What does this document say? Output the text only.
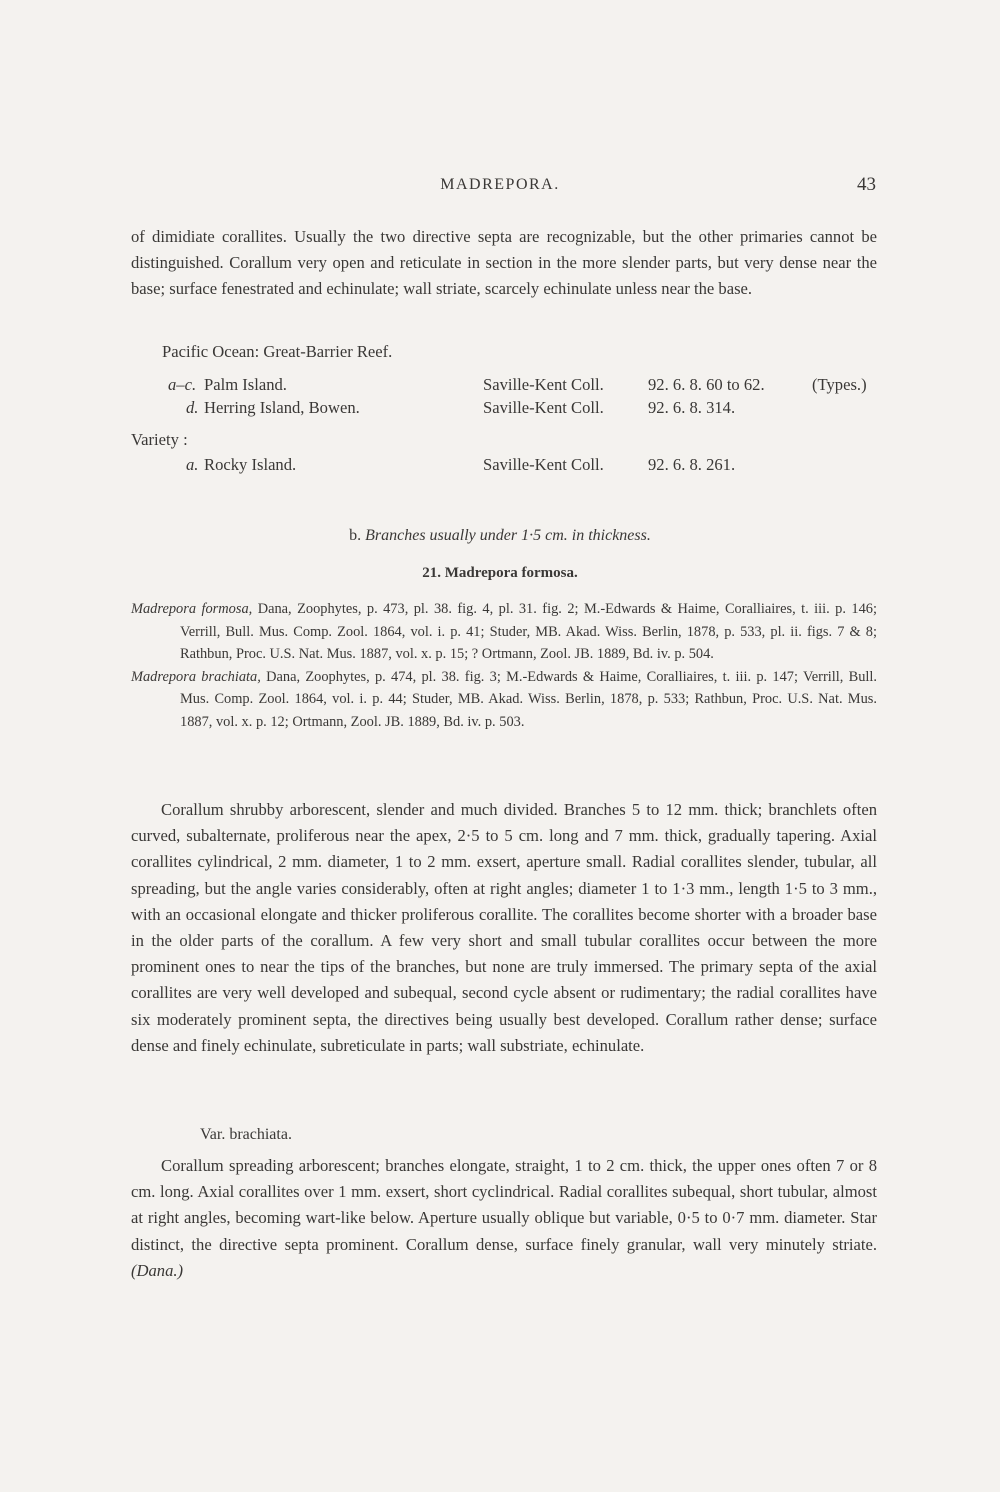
MADREPORA.	43

of dimidiate corallites. Usually the two directive septa are recognizable, but the other primaries cannot be distinguished. Corallum very open and reticulate in section in the more slender parts, but very dense near the base; surface fenestrated and echinulate; wall striate, scarcely echinulate unless near the base.

Pacific Ocean: Great-Barrier Reef.
a–c. Palm Island.	Saville-Kent Coll.	92. 6. 8. 60 to 62.	(Types.)
d. Herring Island, Bowen.	Saville-Kent Coll.	92. 6. 8. 314.
Variety :
a. Rocky Island.	Saville-Kent Coll.	92. 6. 8. 261.
b. Branches usually under 1·5 cm. in thickness.
21. Madrepora formosa.

Madrepora formosa, Dana, Zoophytes, p. 473, pl. 38. fig. 4, pl. 31. fig. 2; M.-Edwards & Haime, Coralliaires, t. iii. p. 146; Verrill, Bull. Mus. Comp. Zool. 1864, vol. i. p. 41; Studer, MB. Akad. Wiss. Berlin, 1878, p. 533, pl. ii. figs. 7 & 8; Rathbun, Proc. U.S. Nat. Mus. 1887, vol. x. p. 15; ? Ortmann, Zool. JB. 1889, Bd. iv. p. 504.

Madrepora brachiata, Dana, Zoophytes, p. 474, pl. 38. fig. 3; M.-Edwards & Haime, Coralliaires, t. iii. p. 147; Verrill, Bull. Mus. Comp. Zool. 1864, vol. i. p. 44; Studer, MB. Akad. Wiss. Berlin, 1878, p. 533; Rathbun, Proc. U.S. Nat. Mus. 1887, vol. x. p. 12; Ortmann, Zool. JB. 1889, Bd. iv. p. 503.

Corallum shrubby arborescent, slender and much divided. Branches 5 to 12 mm. thick; branchlets often curved, subalternate, proliferous near the apex, 2·5 to 5 cm. long and 7 mm. thick, gradually tapering. Axial corallites cylindrical, 2 mm. diameter, 1 to 2 mm. exsert, aperture small. Radial corallites slender, tubular, all spreading, but the angle varies considerably, often at right angles; diameter 1 to 1·3 mm., length 1·5 to 3 mm., with an occasional elongate and thicker proliferous corallite. The corallites become shorter with a broader base in the older parts of the corallum. A few very short and small tubular corallites occur between the more prominent ones to near the tips of the branches, but none are truly immersed. The primary septa of the axial corallites are very well developed and subequal, second cycle absent or rudimentary; the radial corallites have six moderately prominent septa, the directives being usually best developed. Corallum rather dense; surface dense and finely echinulate, subreticulate in parts; wall substriate, echinulate.

Var. brachiata.

Corallum spreading arborescent; branches elongate, straight, 1 to 2 cm. thick, the upper ones often 7 or 8 cm. long. Axial corallites over 1 mm. exsert, short cyclindrical. Radial corallites subequal, short tubular, almost at right angles, becoming wart-like below. Aperture usually oblique but variable, 0·5 to 0·7 mm. diameter. Star distinct, the directive septa prominent. Corallum dense, surface finely granular, wall very minutely striate. (Dana.)
